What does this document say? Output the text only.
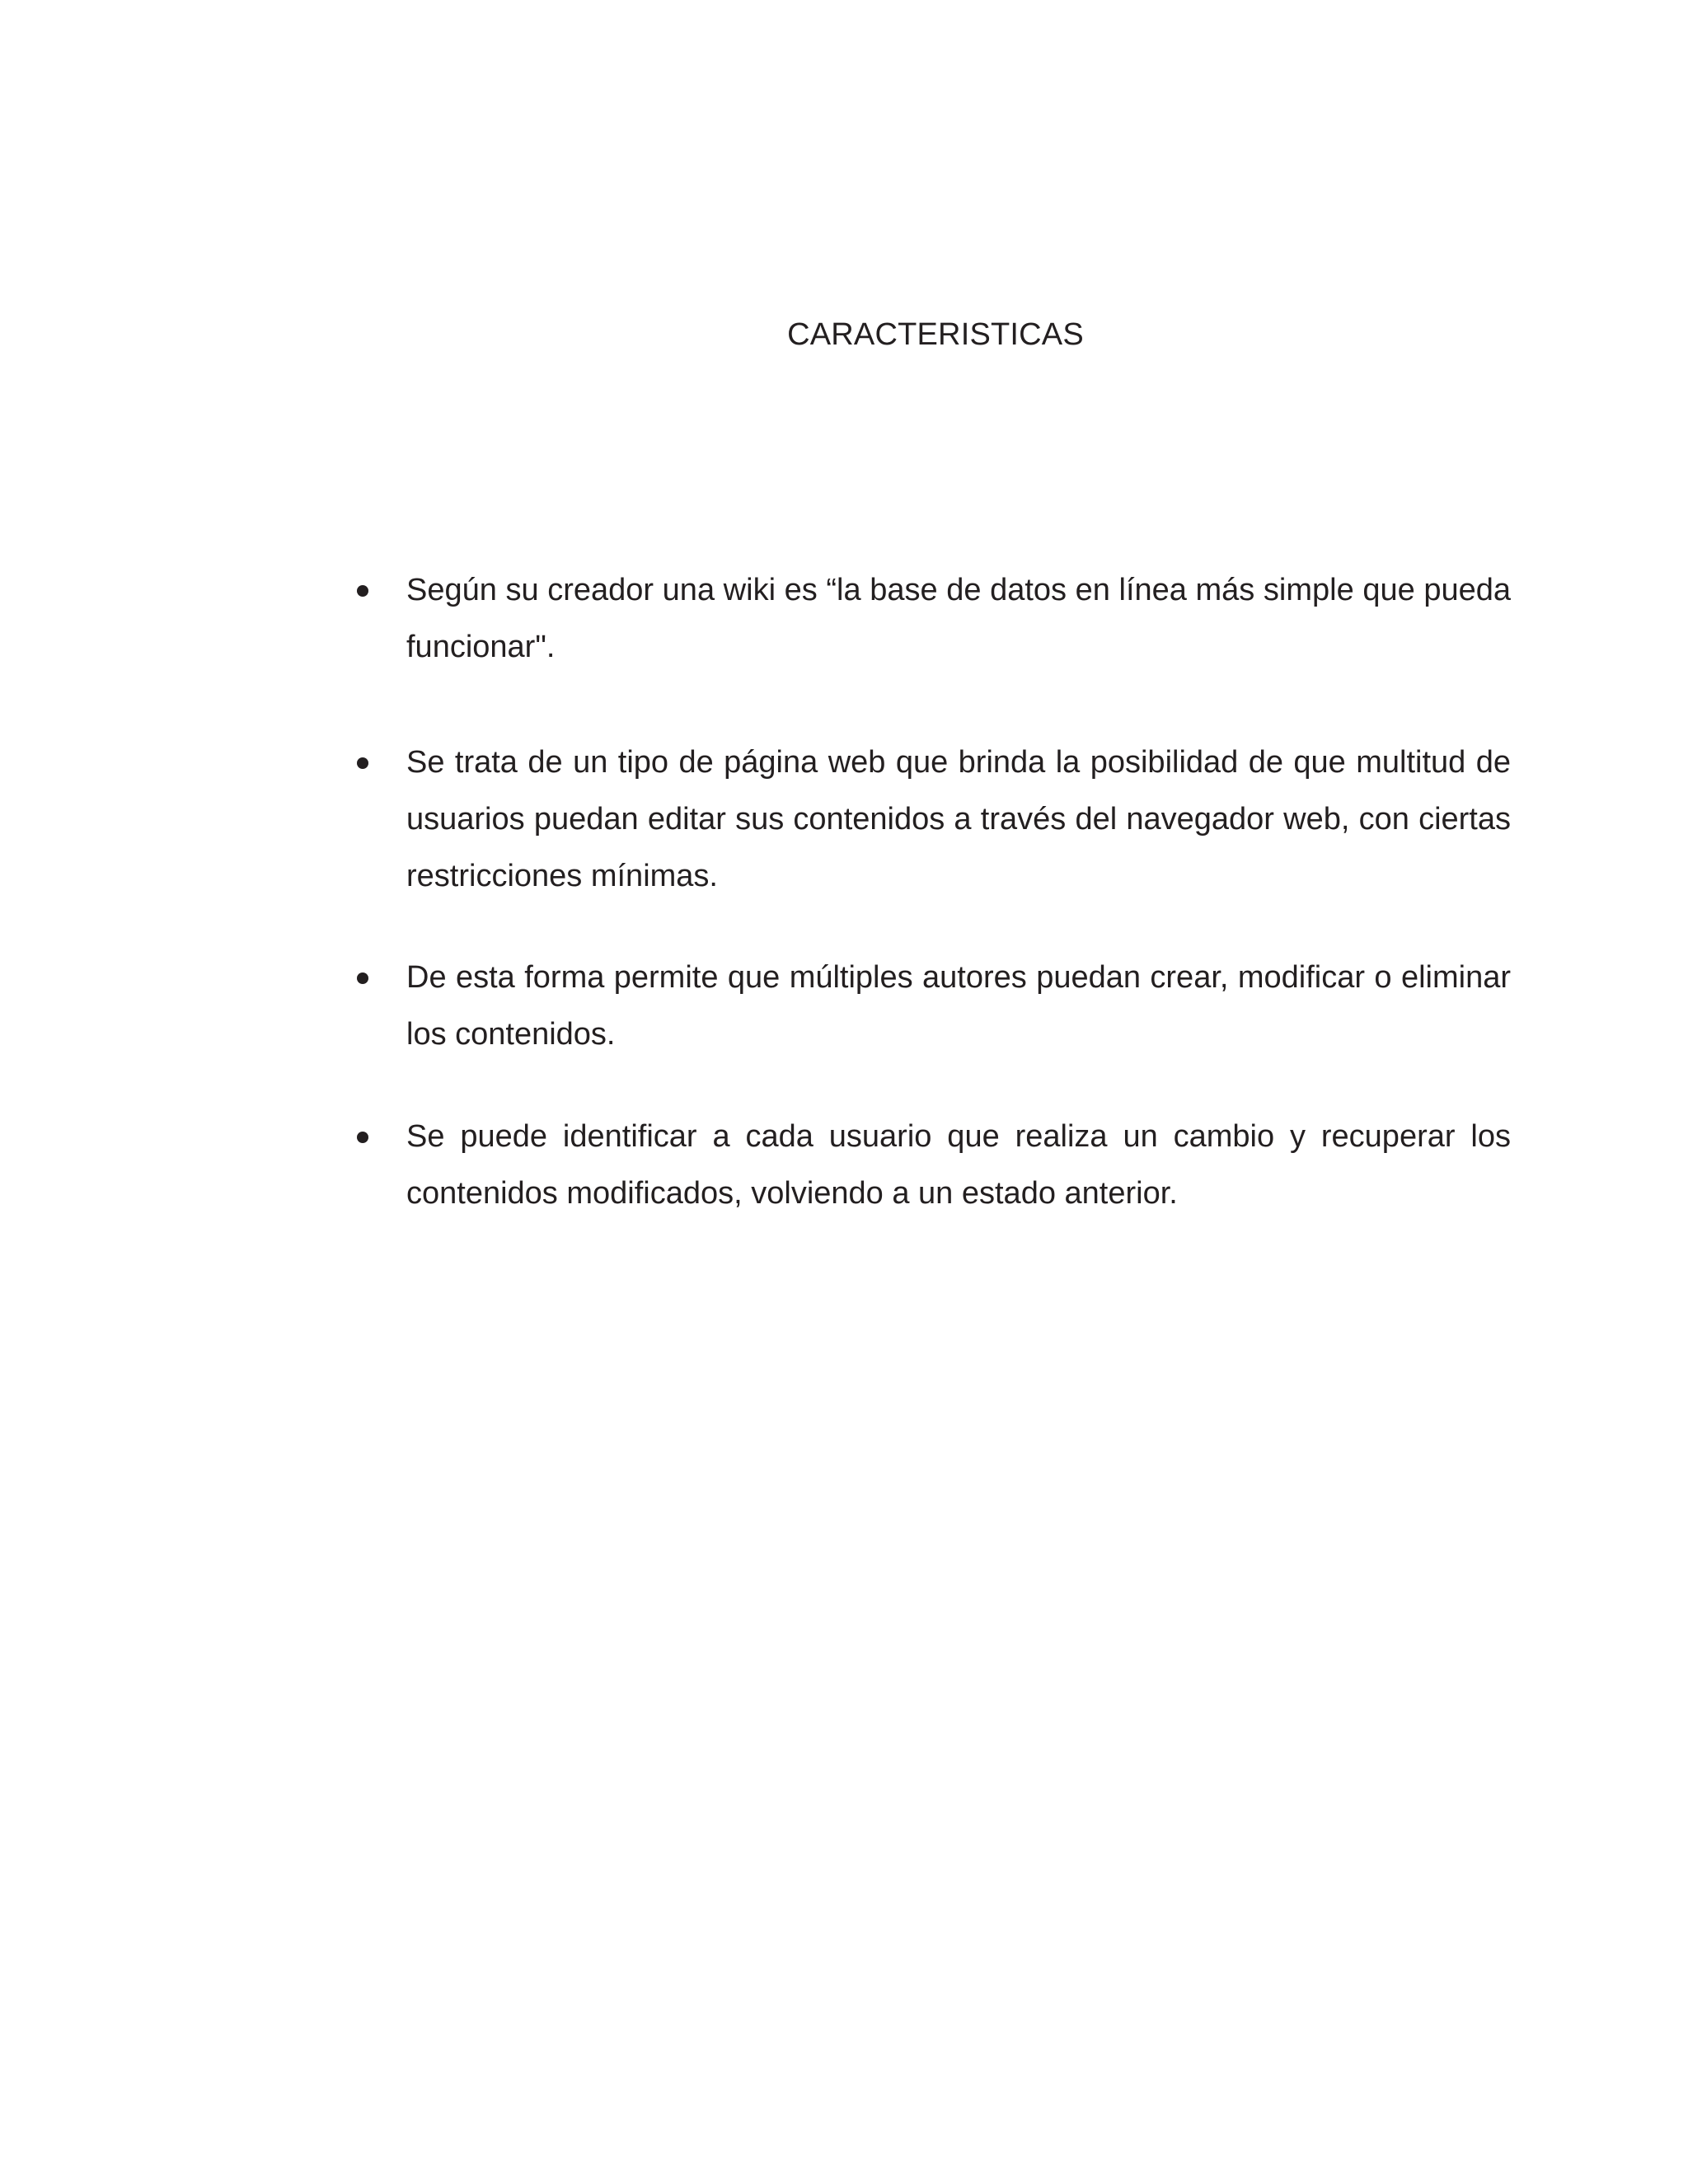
CARACTERISTICAS
Según su creador una wiki es “la base de datos en línea más simple que pueda funcionar".
Se trata de un tipo de página web que brinda la posibilidad de que multitud de usuarios puedan editar sus contenidos a través del navegador web, con ciertas restricciones mínimas.
De esta forma permite que múltiples autores puedan crear, modificar o eliminar los contenidos.
Se puede identificar a cada usuario que realiza un cambio y recuperar los contenidos modificados, volviendo a un estado anterior.
